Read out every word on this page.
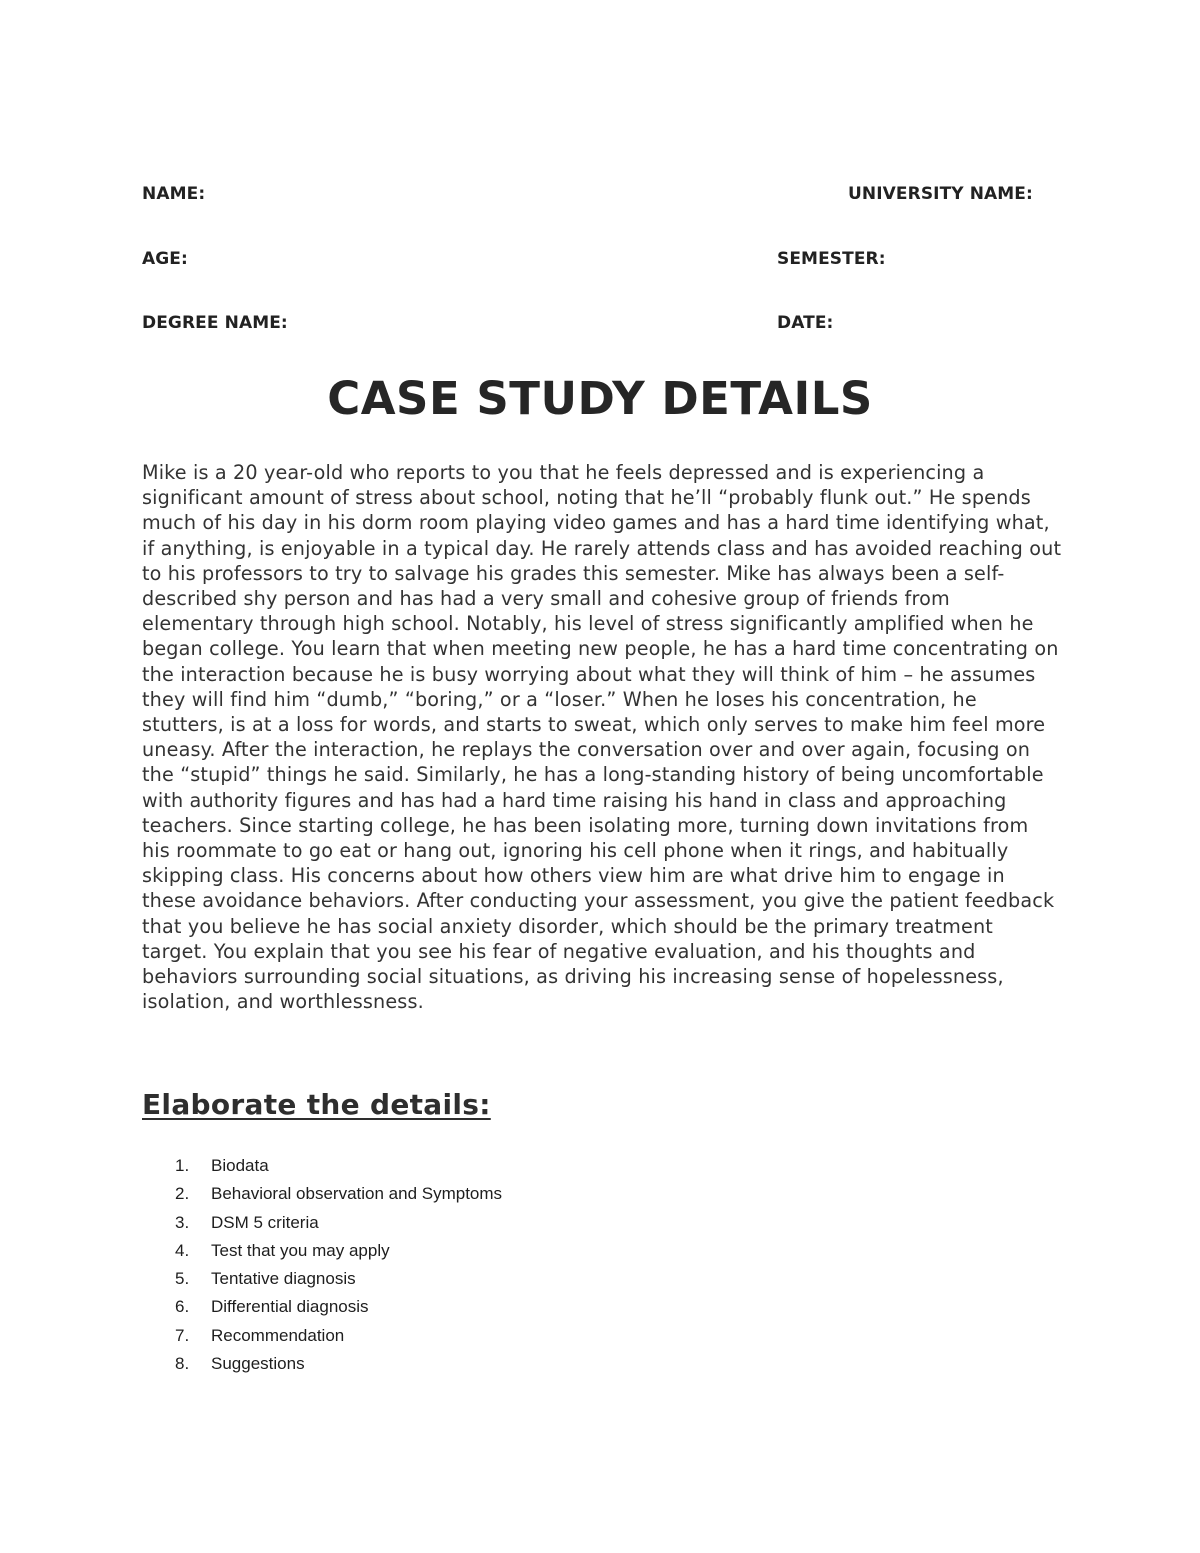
NAME:	UNIVERSITY NAME:
AGE:	SEMESTER:
DEGREE NAME:	DATE:
CASE STUDY DETAILS

Mike is a 20 year-old who reports to you that he feels depressed and is experiencing a significant amount of stress about school, noting that he’ll “probably flunk out.” He spends much of his day in his dorm room playing video games and has a hard time identifying what, if anything, is enjoyable in a typical day. He rarely attends class and has avoided reaching out to his professors to try to salvage his grades this semester. Mike has always been a self-described shy person and has had a very small and cohesive group of friends from elementary through high school. Notably, his level of stress significantly amplified when he began college. You learn that when meeting new people, he has a hard time concentrating on the interaction because he is busy worrying about what they will think of him – he assumes they will find him “dumb,” “boring,” or a “loser.” When he loses his concentration, he stutters, is at a loss for words, and starts to sweat, which only serves to make him feel more uneasy. After the interaction, he replays the conversation over and over again, focusing on the “stupid” things he said. Similarly, he has a long-standing history of being uncomfortable with authority figures and has had a hard time raising his hand in class and approaching teachers. Since starting college, he has been isolating more, turning down invitations from his roommate to go eat or hang out, ignoring his cell phone when it rings, and habitually skipping class. His concerns about how others view him are what drive him to engage in these avoidance behaviors. After conducting your assessment, you give the patient feedback that you believe he has social anxiety disorder, which should be the primary treatment target. You explain that you see his fear of negative evaluation, and his thoughts and behaviors surrounding social situations, as driving his increasing sense of hopelessness, isolation, and worthlessness.

Elaborate the details:
1. Biodata
2. Behavioral observation and Symptoms
3. DSM 5 criteria
4. Test that you may apply
5. Tentative diagnosis
6. Differential diagnosis
7. Recommendation
8. Suggestions
